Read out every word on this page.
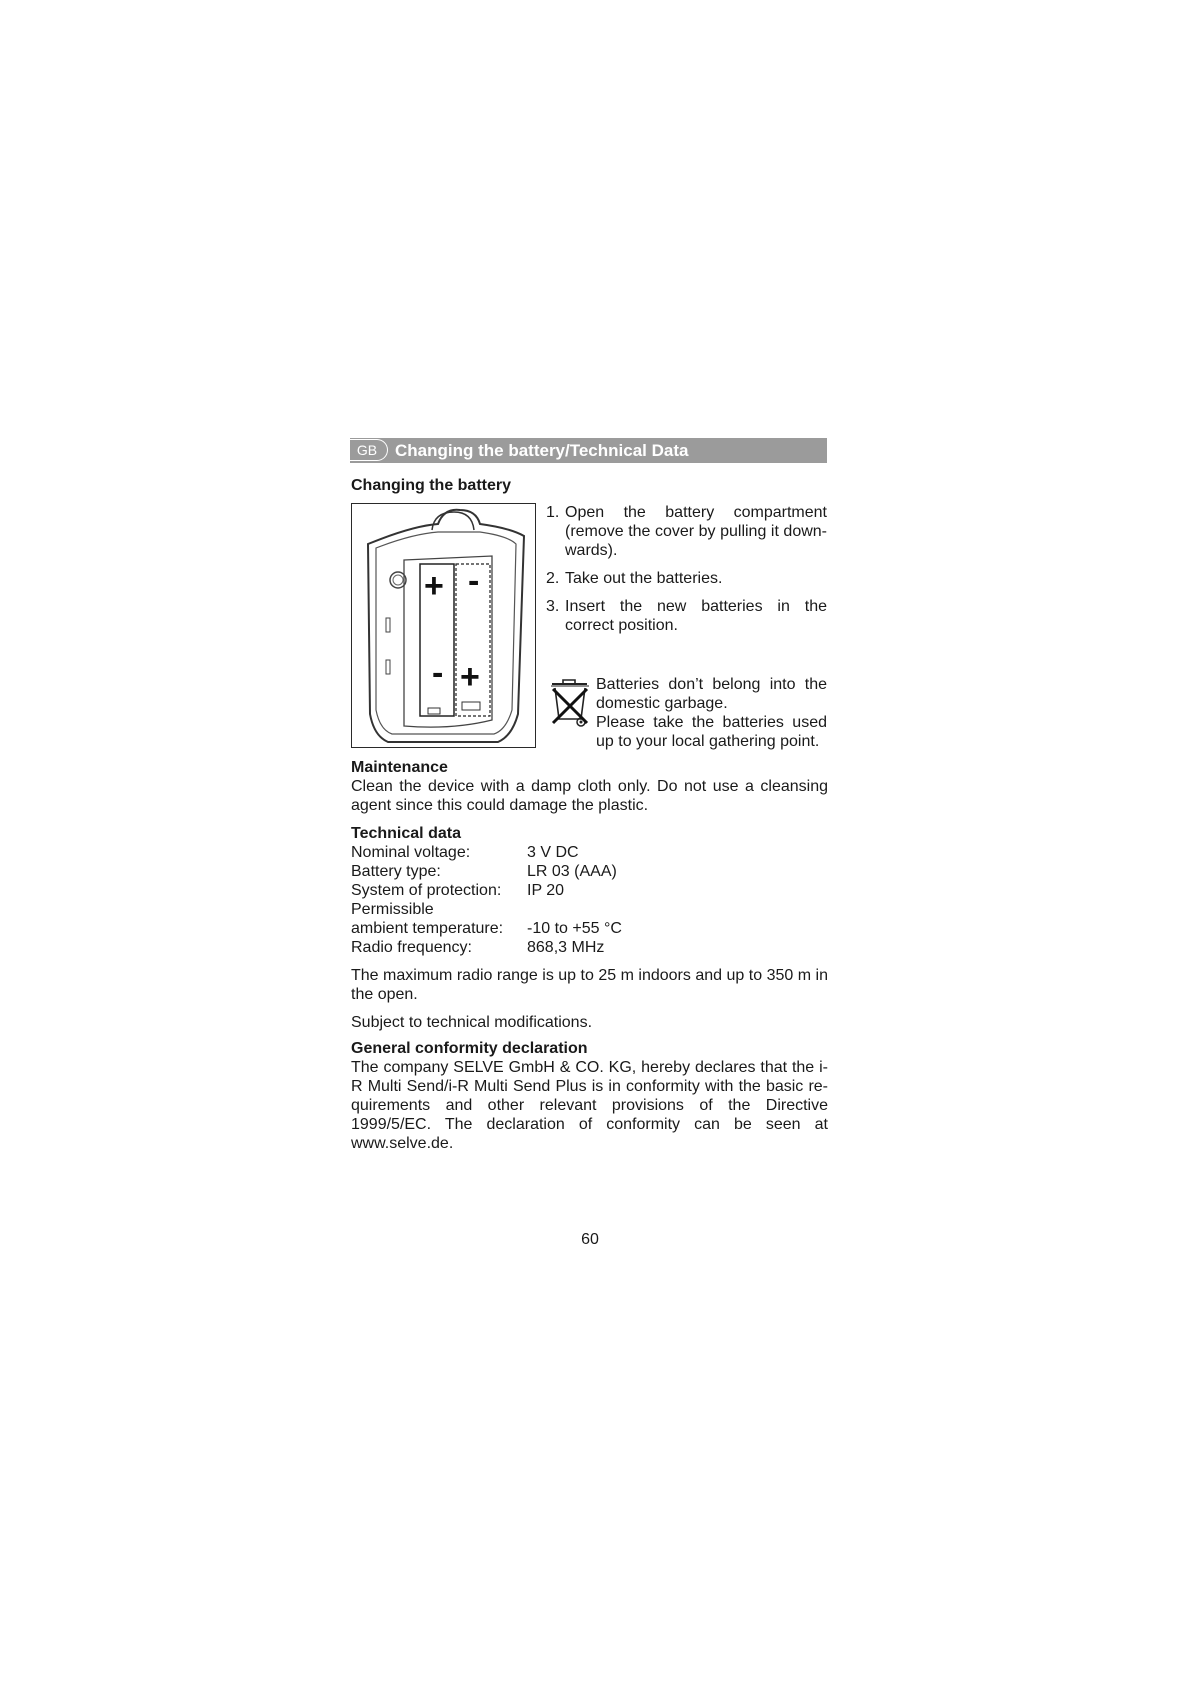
GB	Changing the battery/Technical Data
Changing the battery
+ -
- +
1. Open the battery compartment (remove the cover by pulling it down-wards).
2. Take out the batteries.
3. Insert the new batteries in the correct position.
Batteries don’t belong into the domestic garbage.
Please take the batteries used up to your local gathering point.
Maintenance
Clean the device with a damp cloth only. Do not use a cleansing agent since this could damage the plastic.
Technical data
Nominal voltage:	3 V DC
Battery type:	LR 03 (AAA)
System of protection: IP 20
Permissible
ambient temperature: -10 to +55 °C
Radio frequency:	868,3 MHz
The maximum radio range is up to 25 m indoors and up to 350 m in the open.
Subject to technical modifications.
General conformity declaration
The company SELVE GmbH & CO. KG, hereby declares that the i-R Multi Send/i-R Multi Send Plus is in conformity with the basic re-quirements and other relevant provisions of the Directive 1999/5/EC. The declaration of conformity can be seen at www.selve.de.
60
